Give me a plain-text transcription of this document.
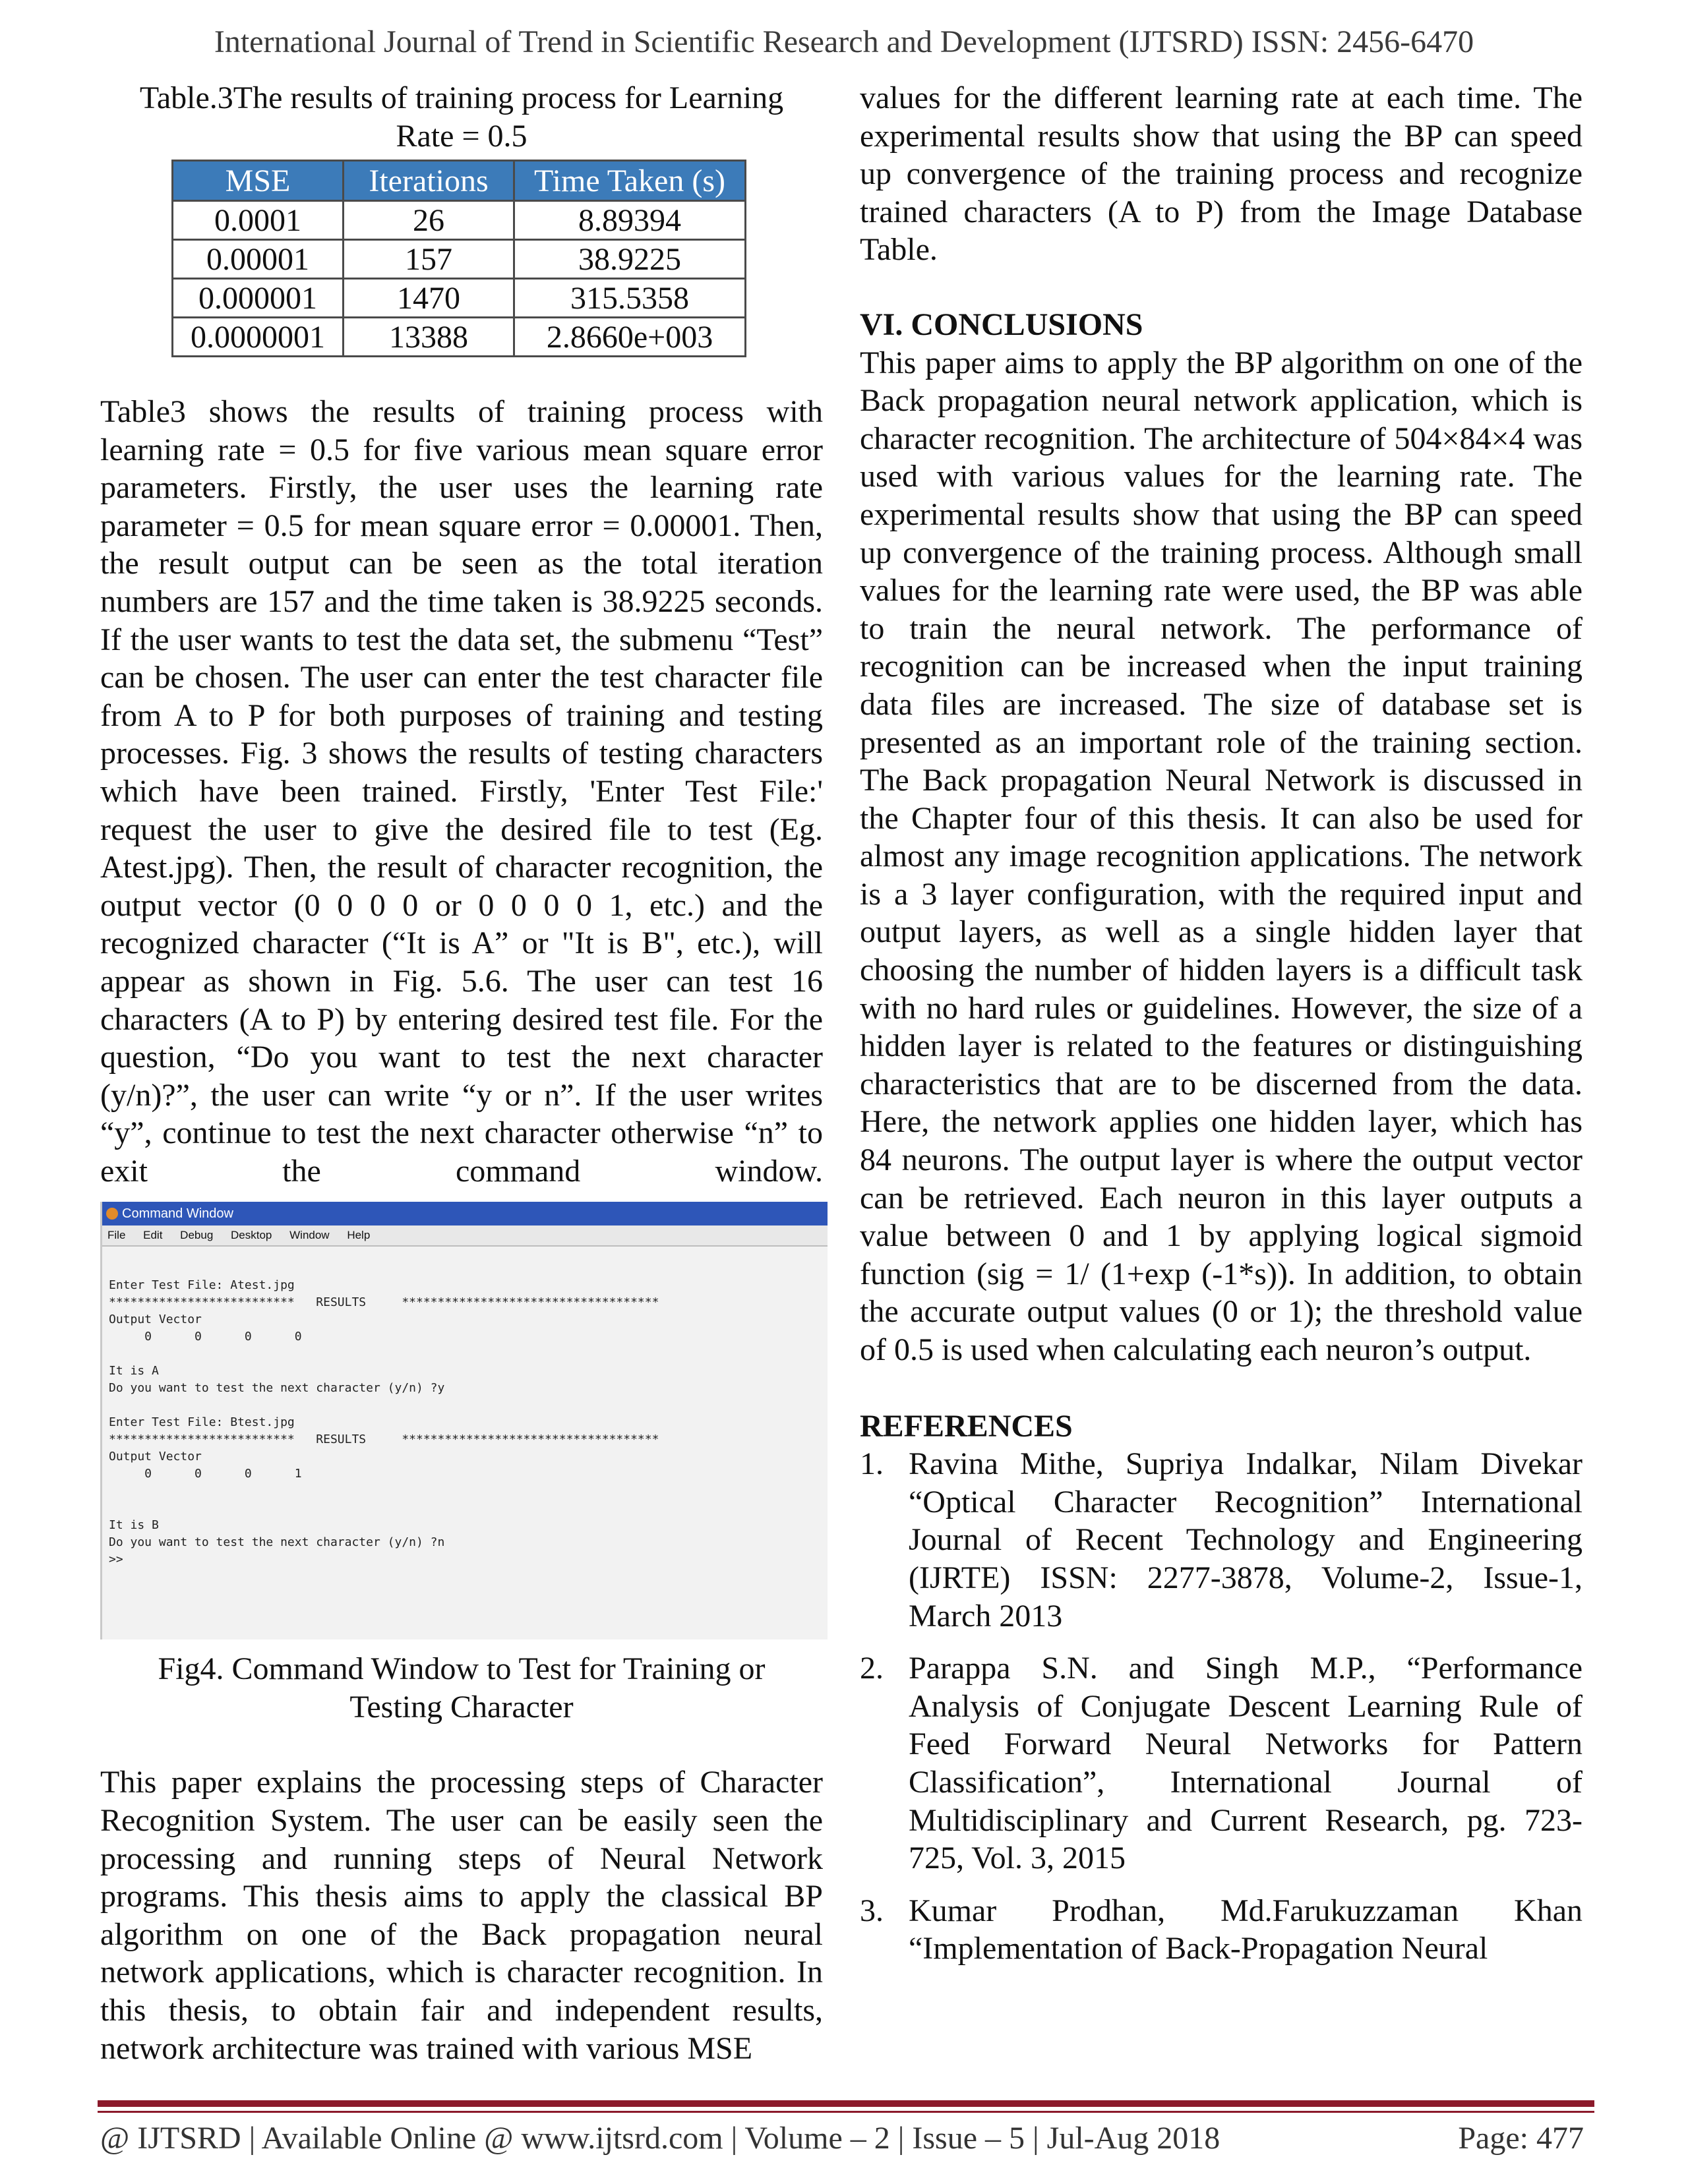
International Journal of Trend in Scientific Research and Development (IJTSRD) ISSN: 2456-6470
Table.3The results of training process for Learning
Rate = 0.5
MSE	Iterations	Time Taken (s)
0.0001	26	8.89394
0.00001	157	38.9225
0.000001	1470	315.5358
0.0000001	13388	2.8660e+003

Table3 shows the results of training process with learning rate = 0.5 for five various mean square error parameters. Firstly, the user uses the learning rate parameter = 0.5 for mean square error = 0.00001. Then, the result output can be seen as the total iteration numbers are 157 and the time taken is 38.9225 seconds. If the user wants to test the data set, the submenu “Test” can be chosen. The user can enter the test character file from A to P for both purposes of training and testing processes. Fig. 3 shows the results of testing characters which have been trained. Firstly, 'Enter Test File:' request the user to give the desired file to test (Eg. Atest.jpg). Then, the result of character recognition, the output vector (0 0 0 0 or 0 0 0 0 1, etc.) and the recognized character (“It is A” or "It is B", etc.), will appear as shown in Fig. 5.6. The user can test 16 characters (A to P) by entering desired test file. For the question, “Do you want to test the next character (y/n)?”, the user can write “y or n”. If the user writes “y”, continue to test the next character otherwise “n” to exit the command window.

Command Window
File Edit Debug Desktop Window Help

Enter Test File: Atest.jpg
**************************   RESULTS     ************************************
Output Vector
0      0      0      0
It is A
Do you want to test the next character (y/n) ?y
Enter Test File: Btest.jpg
**************************   RESULTS     ************************************
Output Vector
0      0      0      1
It is B
Do you want to test the next character (y/n) ?n
>>

Fig4. Command Window to Test for Training or
Testing Character

This paper explains the processing steps of Character Recognition System. The user can be easily seen the processing and running steps of Neural Network programs. This thesis aims to apply the classical BP algorithm on one of the Back propagation neural network applications, which is character recognition. In this thesis, to obtain fair and independent results, network architecture was trained with various MSE

values for the different learning rate at each time. The experimental results show that using the BP can speed up convergence of the training process and recognize trained characters (A to P) from the Image Database Table.

VI. CONCLUSIONS

This paper aims to apply the BP algorithm on one of the Back propagation neural network application, which is character recognition. The architecture of 504×84×4 was used with various values for the learning rate. The experimental results show that using the BP can speed up convergence of the training process. Although small values for the learning rate were used, the BP was able to train the neural network. The performance of recognition can be increased when the input training data files are increased. The size of database set is presented as an important role of the training section. The Back propagation Neural Network is discussed in the Chapter four of this thesis. It can also be used for almost any image recognition applications. The network is a 3 layer configuration, with the required input and output layers, as well as a single hidden layer that choosing the number of hidden layers is a difficult task with no hard rules or guidelines. However, the size of a hidden layer is related to the features or distinguishing characteristics that are to be discerned from the data. Here, the network applies one hidden layer, which has 84 neurons. The output layer is where the output vector can be retrieved. Each neuron in this layer outputs a value between 0 and 1 by applying logical sigmoid function (sig = 1/ (1+exp (-1*s)). In addition, to obtain the accurate output values (0 or 1); the threshold value of 0.5 is used when calculating each neuron’s output.

REFERENCES

1. Ravina Mithe, Supriya Indalkar, Nilam Divekar “Optical Character Recognition” International Journal of Recent Technology and Engineering (IJRTE) ISSN: 2277-3878, Volume-2, Issue-1, March 2013
2. Parappa S.N. and Singh M.P., “Performance Analysis of Conjugate Descent Learning Rule of Feed Forward Neural Networks for Pattern Classification”, International Journal of Multidisciplinary and Current Research, pg. 723-725, Vol. 3, 2015
3. Kumar Prodhan, Md.Farukuzzaman Khan “Implementation of Back-Propagation Neural
@ IJTSRD | Available Online @ www.ijtsrd.com | Volume – 2 | Issue – 5 | Jul-Aug 2018	Page: 477
